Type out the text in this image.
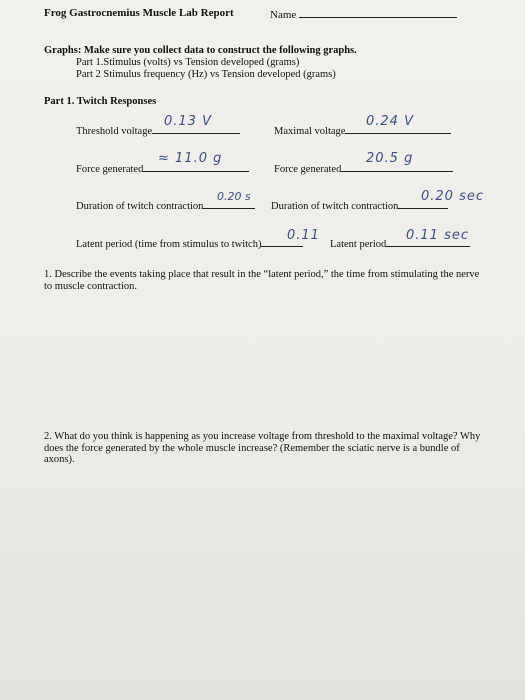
Frog Gastrocnemius Muscle Lab Report	Name
Graphs: Make sure you collect data to construct the following graphs.
Part 1.Stimulus (volts) vs Tension developed (grams)
Part 2 Stimulus frequency (Hz) vs Tension developed (grams)
Part 1. Twitch Responses
Threshold voltage
0.13 V
Maximal voltage
0.24 V
Force generated
≈ 11.0 g
Force generated
20.5 g
Duration of twitch contraction
0.20 s
Duration of twitch contraction
0.20 sec
Latent period (time from stimulus to twitch)
0.11
Latent period
0.11 sec
1. Describe the events taking place that result in the “latent period,” the time from stimulating the nerve to muscle contraction.
2. What do you think is happening as you increase voltage from threshold to the maximal voltage? Why does the force generated by the whole muscle increase? (Remember the sciatic nerve is a bundle of axons).
